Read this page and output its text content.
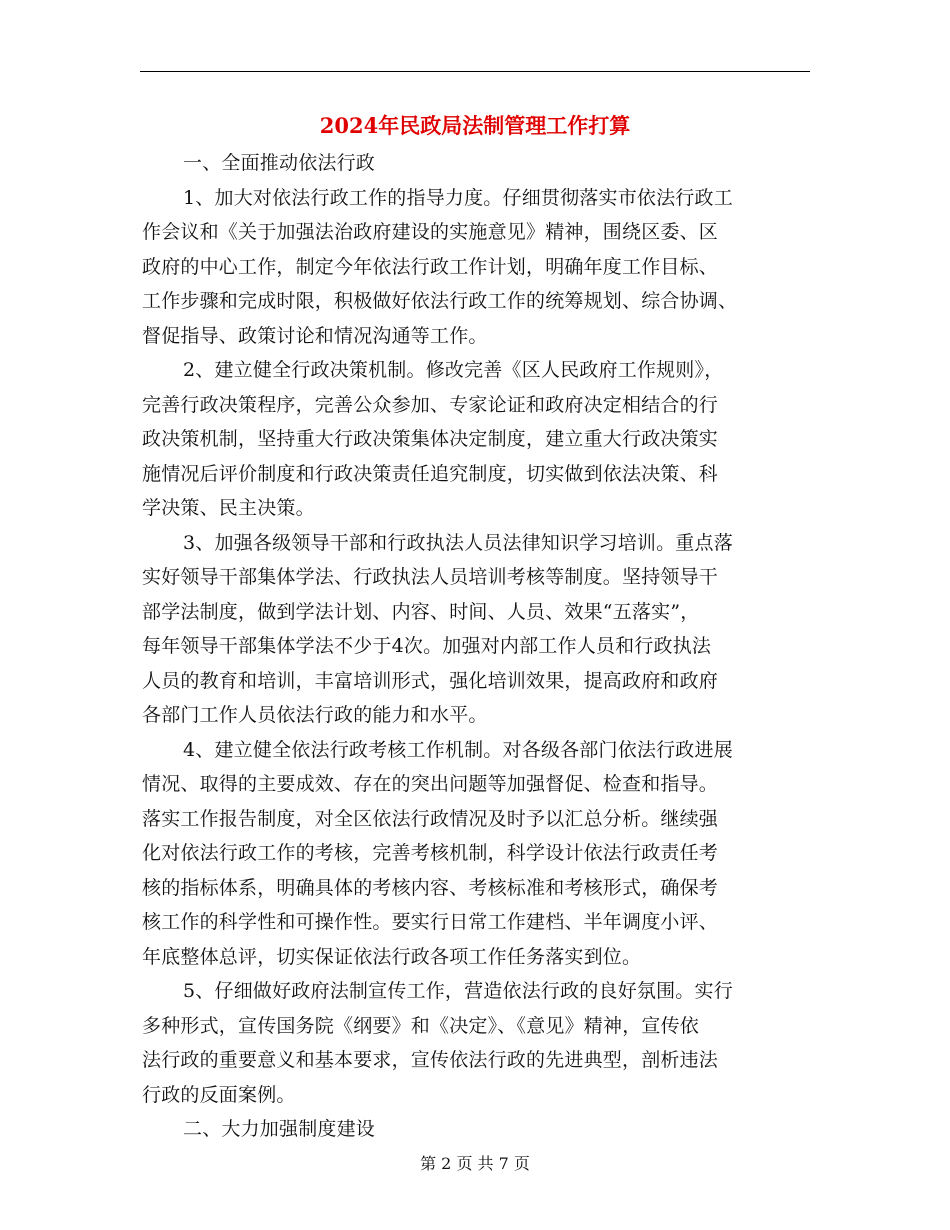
2024年民政局法制管理工作打算
一、全面推动依法行政
1、加大对依法行政工作的指导力度。仔细贯彻落实市依法行政工
作会议和《关于加强法治政府建设的实施意见》精神，围绕区委、区
政府的中心工作，制定今年依法行政工作计划，明确年度工作目标、
工作步骤和完成时限，积极做好依法行政工作的统筹规划、综合协调、
督促指导、政策讨论和情况沟通等工作。
2、建立健全行政决策机制。修改完善《区人民政府工作规则》，
完善行政决策程序，完善公众参加、专家论证和政府决定相结合的行
政决策机制，坚持重大行政决策集体决定制度，建立重大行政决策实
施情况后评价制度和行政决策责任追究制度，切实做到依法决策、科
学决策、民主决策。
3、加强各级领导干部和行政执法人员法律知识学习培训。重点落
实好领导干部集体学法、行政执法人员培训考核等制度。坚持领导干
部学法制度，做到学法计划、内容、时间、人员、效果“五落实”，
每年领导干部集体学法不少于4次。加强对内部工作人员和行政执法
人员的教育和培训，丰富培训形式，强化培训效果，提高政府和政府
各部门工作人员依法行政的能力和水平。
4、建立健全依法行政考核工作机制。对各级各部门依法行政进展
情况、取得的主要成效、存在的突出问题等加强督促、检查和指导。
落实工作报告制度，对全区依法行政情况及时予以汇总分析。继续强
化对依法行政工作的考核，完善考核机制，科学设计依法行政责任考
核的指标体系，明确具体的考核内容、考核标准和考核形式，确保考
核工作的科学性和可操作性。要实行日常工作建档、半年调度小评、
年底整体总评，切实保证依法行政各项工作任务落实到位。
5、仔细做好政府法制宣传工作，营造依法行政的良好氛围。实行
多种形式，宣传国务院《纲要》和《决定》、《意见》精神，宣传依
法行政的重要意义和基本要求，宣传依法行政的先进典型，剖析违法
行政的反面案例。
二、大力加强制度建设
第 2 页 共 7 页
